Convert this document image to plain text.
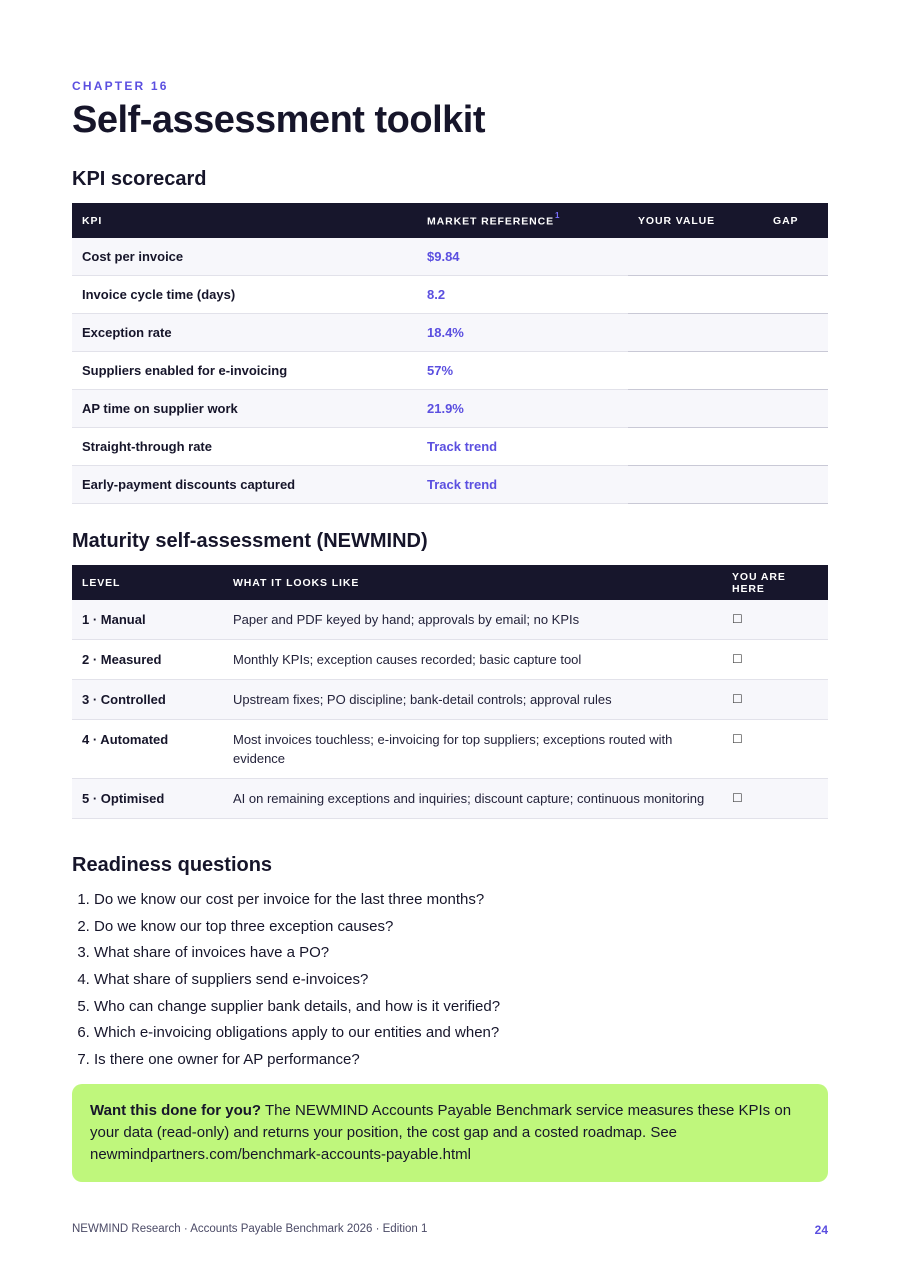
CHAPTER 16
Self-assessment toolkit
KPI scorecard
KPI	MARKET REFERENCE$^1$	YOUR VALUE	GAP
Cost per invoice	$9.84		
Invoice cycle time (days)	8.2		
Exception rate	18.4%		
Suppliers enabled for e-invoicing	57%		
AP time on supplier work	21.9%		
Straight-through rate	Track trend		
Early-payment discounts captured	Track trend		
Maturity self-assessment (NEWMIND)
LEVEL	WHAT IT LOOKS LIKE	YOU ARE HERE
1 · Manual	Paper and PDF keyed by hand; approvals by email; no KPIs	☐
2 · Measured	Monthly KPIs; exception causes recorded; basic capture tool	☐
3 · Controlled	Upstream fixes; PO discipline; bank-detail controls; approval rules	☐
4 · Automated	Most invoices touchless; e-invoicing for top suppliers; exceptions routed with evidence	☐
5 · Optimised	AI on remaining exceptions and inquiries; discount capture; continuous monitoring	☐
Readiness questions
1. Do we know our cost per invoice for the last three months?
2. Do we know our top three exception causes?
3. What share of invoices have a PO?
4. What share of suppliers send e-invoices?
5. Who can change supplier bank details, and how is it verified?
6. Which e-invoicing obligations apply to our entities and when?
7. Is there one owner for AP performance?
Want this done for you? The NEWMIND Accounts Payable Benchmark service measures these KPIs on your data (read-only) and returns your position, the cost gap and a costed roadmap. See newmindpartners.com/benchmark-accounts-payable.html
NEWMIND Research · Accounts Payable Benchmark 2026 · Edition 1	24
